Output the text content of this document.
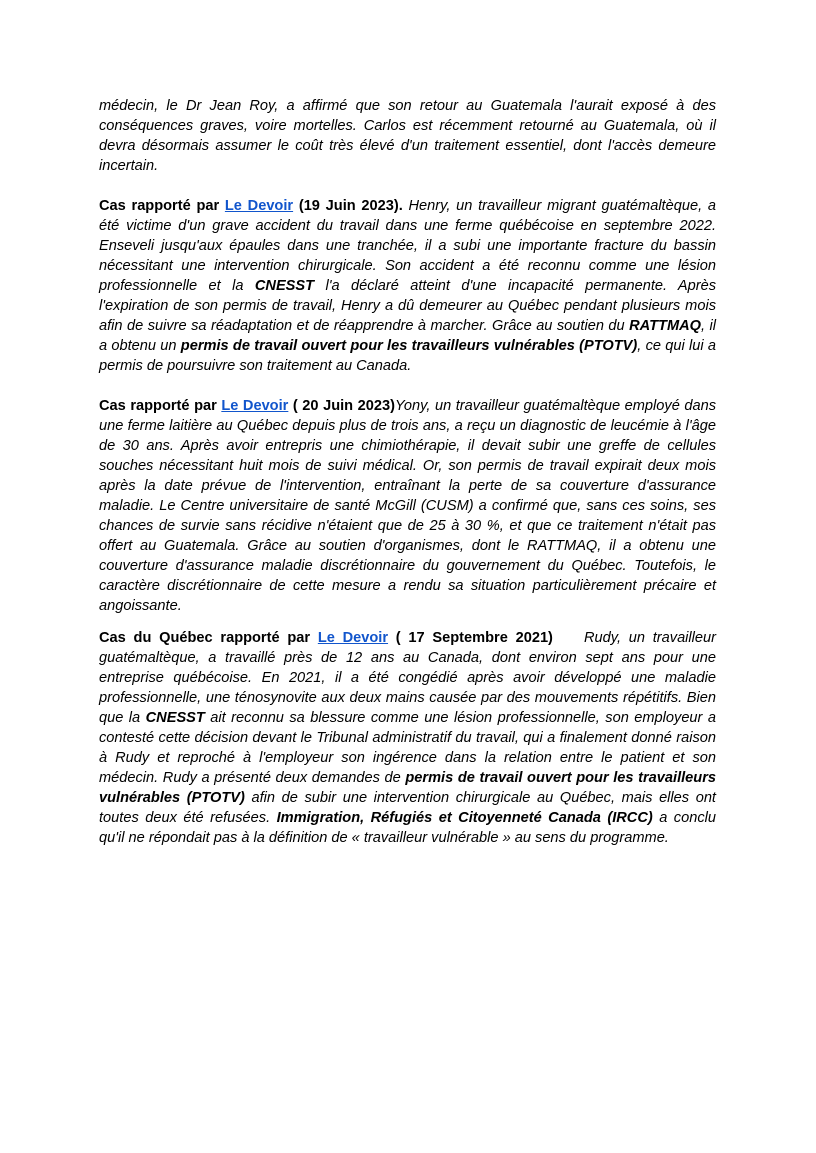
médecin, le Dr Jean Roy, a affirmé que son retour au Guatemala l'aurait exposé à des conséquences graves, voire mortelles. Carlos est récemment retourné au Guatemala, où il devra désormais assumer le coût très élevé d'un traitement essentiel, dont l'accès demeure incertain.

Cas rapporté par Le Devoir (19 Juin 2023). Henry, un travailleur migrant guatémaltèque, a été victime d'un grave accident du travail dans une ferme québécoise en septembre 2022. Enseveli jusqu'aux épaules dans une tranchée, il a subi une importante fracture du bassin nécessitant une intervention chirurgicale. Son accident a été reconnu comme une lésion professionnelle et la CNESST l'a déclaré atteint d'une incapacité permanente. Après l'expiration de son permis de travail, Henry a dû demeurer au Québec pendant plusieurs mois afin de suivre sa réadaptation et de réapprendre à marcher. Grâce au soutien du RATTMAQ, il a obtenu un permis de travail ouvert pour les travailleurs vulnérables (PTOTV), ce qui lui a permis de poursuivre son traitement au Canada.

Cas rapporté par Le Devoir ( 20 Juin 2023)Yony, un travailleur guatémaltèque employé dans une ferme laitière au Québec depuis plus de trois ans, a reçu un diagnostic de leucémie à l'âge de 30 ans. Après avoir entrepris une chimiothérapie, il devait subir une greffe de cellules souches nécessitant huit mois de suivi médical. Or, son permis de travail expirait deux mois après la date prévue de l'intervention, entraînant la perte de sa couverture d'assurance maladie. Le Centre universitaire de santé McGill (CUSM) a confirmé que, sans ces soins, ses chances de survie sans récidive n'étaient que de 25 à 30 %, et que ce traitement n'était pas offert au Guatemala. Grâce au soutien d'organismes, dont le RATTMAQ, il a obtenu une couverture d'assurance maladie discrétionnaire du gouvernement du Québec. Toutefois, le caractère discrétionnaire de cette mesure a rendu sa situation particulièrement précaire et angoissante.

Cas du Québec rapporté par Le Devoir ( 17 Septembre 2021)    Rudy, un travailleur guatémaltèque, a travaillé près de 12 ans au Canada, dont environ sept ans pour une entreprise québécoise. En 2021, il a été congédié après avoir développé une maladie professionnelle, une ténosynovite aux deux mains causée par des mouvements répétitifs. Bien que la CNESST ait reconnu sa blessure comme une lésion professionnelle, son employeur a contesté cette décision devant le Tribunal administratif du travail, qui a finalement donné raison à Rudy et reproché à l'employeur son ingérence dans la relation entre le patient et son médecin. Rudy a présenté deux demandes de permis de travail ouvert pour les travailleurs vulnérables (PTOTV) afin de subir une intervention chirurgicale au Québec, mais elles ont toutes deux été refusées. Immigration, Réfugiés et Citoyenneté Canada (IRCC) a conclu qu'il ne répondait pas à la définition de « travailleur vulnérable » au sens du programme.
